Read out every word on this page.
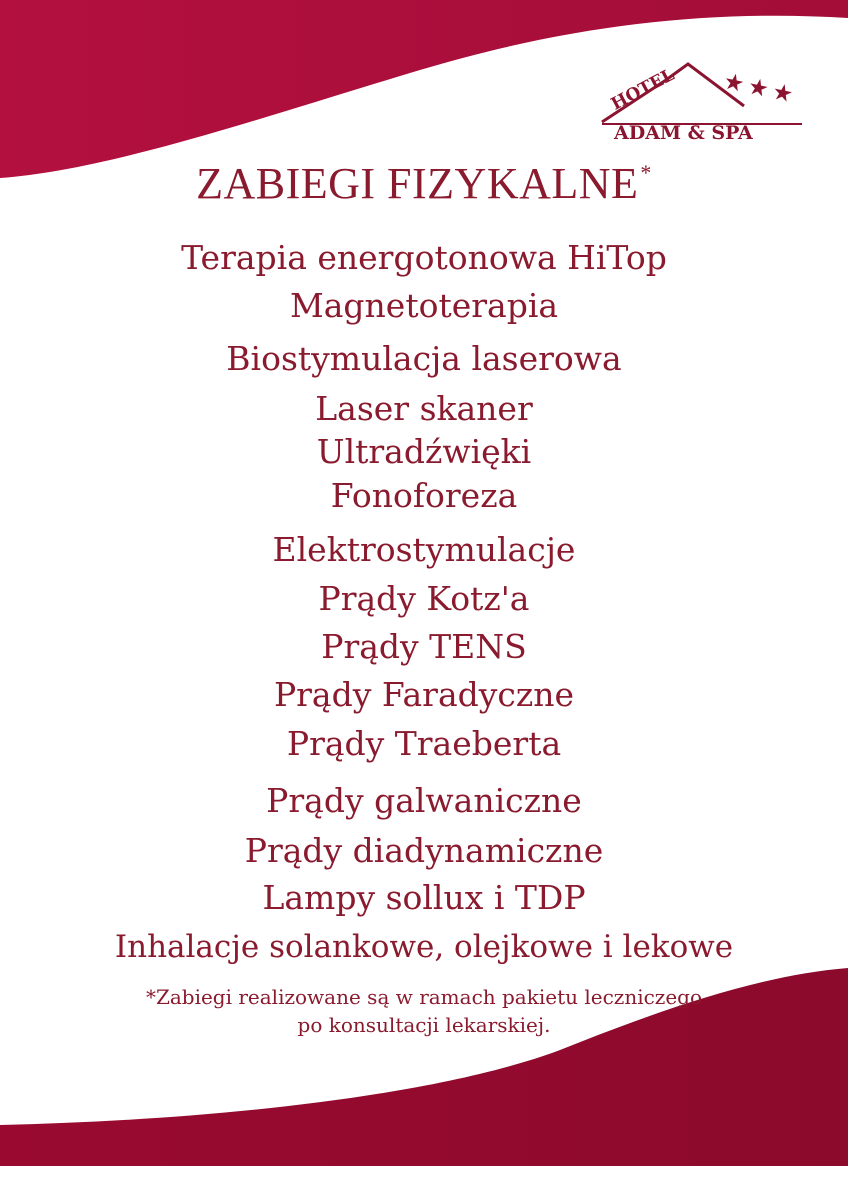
HOTEL ★ ★ ★
ADAM & SPA
ZABIEGI FIZYKALNE*
Terapia energotonowa HiTop
Magnetoterapia
Biostymulacja laserowa
Laser skaner
Ultradźwięki
Fonoforeza
Elektrostymulacje
Prądy Kotz'a
Prądy TENS
Prądy Faradyczne
Prądy Traeberta
Prądy galwaniczne
Prądy diadynamiczne
Lampy sollux i TDP
Inhalacje solankowe, olejkowe i lekowe
*Zabiegi realizowane są w ramach pakietu leczniczego
po konsultacji lekarskiej.
